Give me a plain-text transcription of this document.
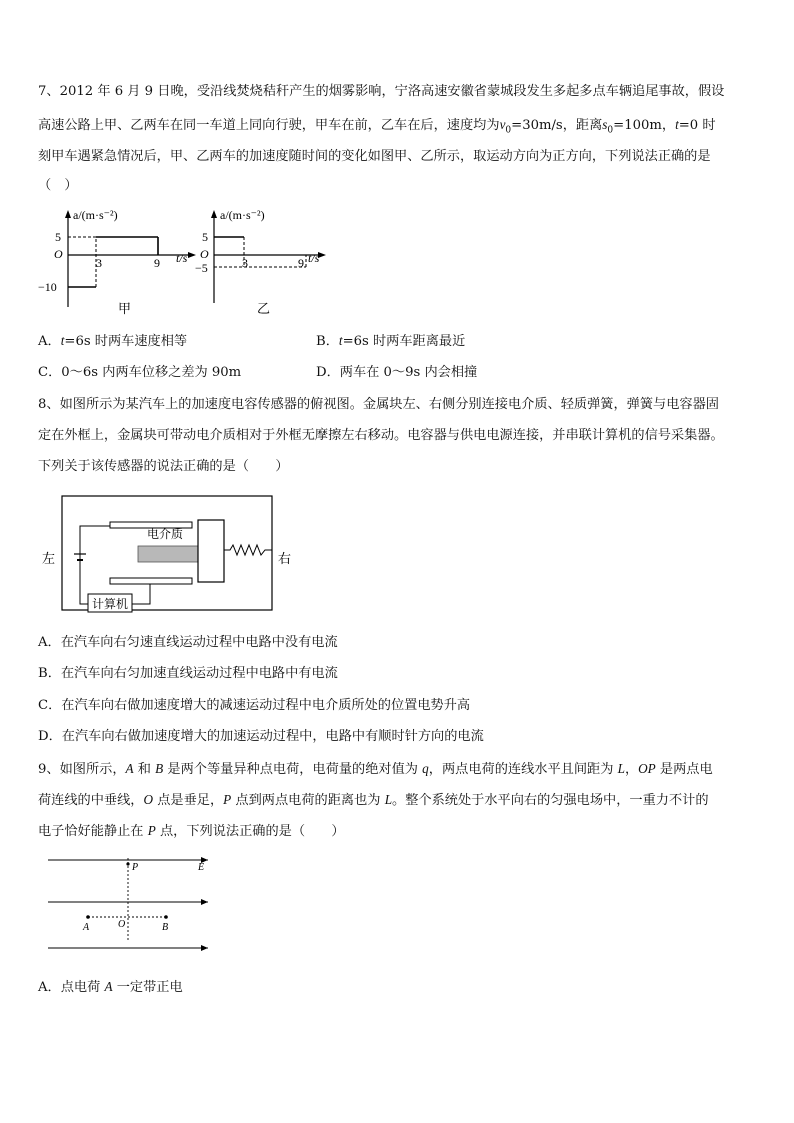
7、2012 年 6 月 9 日晚，受沿线焚烧秸秆产生的烟雾影响，宁洛高速安徽省蒙城段发生多起多点车辆追尾事故，假设
高速公路上甲、乙两车在同一车道上同向行驶，甲车在前，乙车在后，速度均为$v_0=30m/s$，距离$s_0=100m$，t=0 时
刻甲车遇紧急情况后，甲、乙两车的加速度随时间的变化如图甲、乙所示，取运动方向为正方向，下列说法正确的是
（　）
a/(m·s⁻²)
t/s
5
O
−10
3	9
甲
a/(m·s⁻²)
t/s
5
O
−5	3	9
乙
A．t=6s 时两车速度相等	B．t=6s 时两车距离最近
C．0～6s 内两车位移之差为 90m	D．两车在 0～9s 内会相撞
8、如图所示为某汽车上的加速度电容传感器的俯视图。金属块左、右侧分别连接电介质、轻质弹簧，弹簧与电容器固
定在外框上，金属块可带动电介质相对于外框无摩擦左右移动。电容器与供电电源连接，并串联计算机的信号采集器。
下列关于该传感器的说法正确的是（　　）
电介质
计算机
左	右
A．在汽车向右匀速直线运动过程中电路中没有电流
B．在汽车向右匀加速直线运动过程中电路中有电流
C．在汽车向右做加速度增大的减速运动过程中电介质所处的位置电势升高
D．在汽车向右做加速度增大的加速运动过程中，电路中有顺时针方向的电流
9、如图所示，A 和 B 是两个等量异种点电荷，电荷量的绝对值为 q，两点电荷的连线水平且间距为 L，OP 是两点电
荷连线的中垂线，O 点是垂足，P 点到两点电荷的距离也为 L。整个系统处于水平向右的匀强电场中，一重力不计的
电子恰好能静止在 P 点，下列说法正确的是（　　）
P	E
A	O	B
A．点电荷 A 一定带正电
